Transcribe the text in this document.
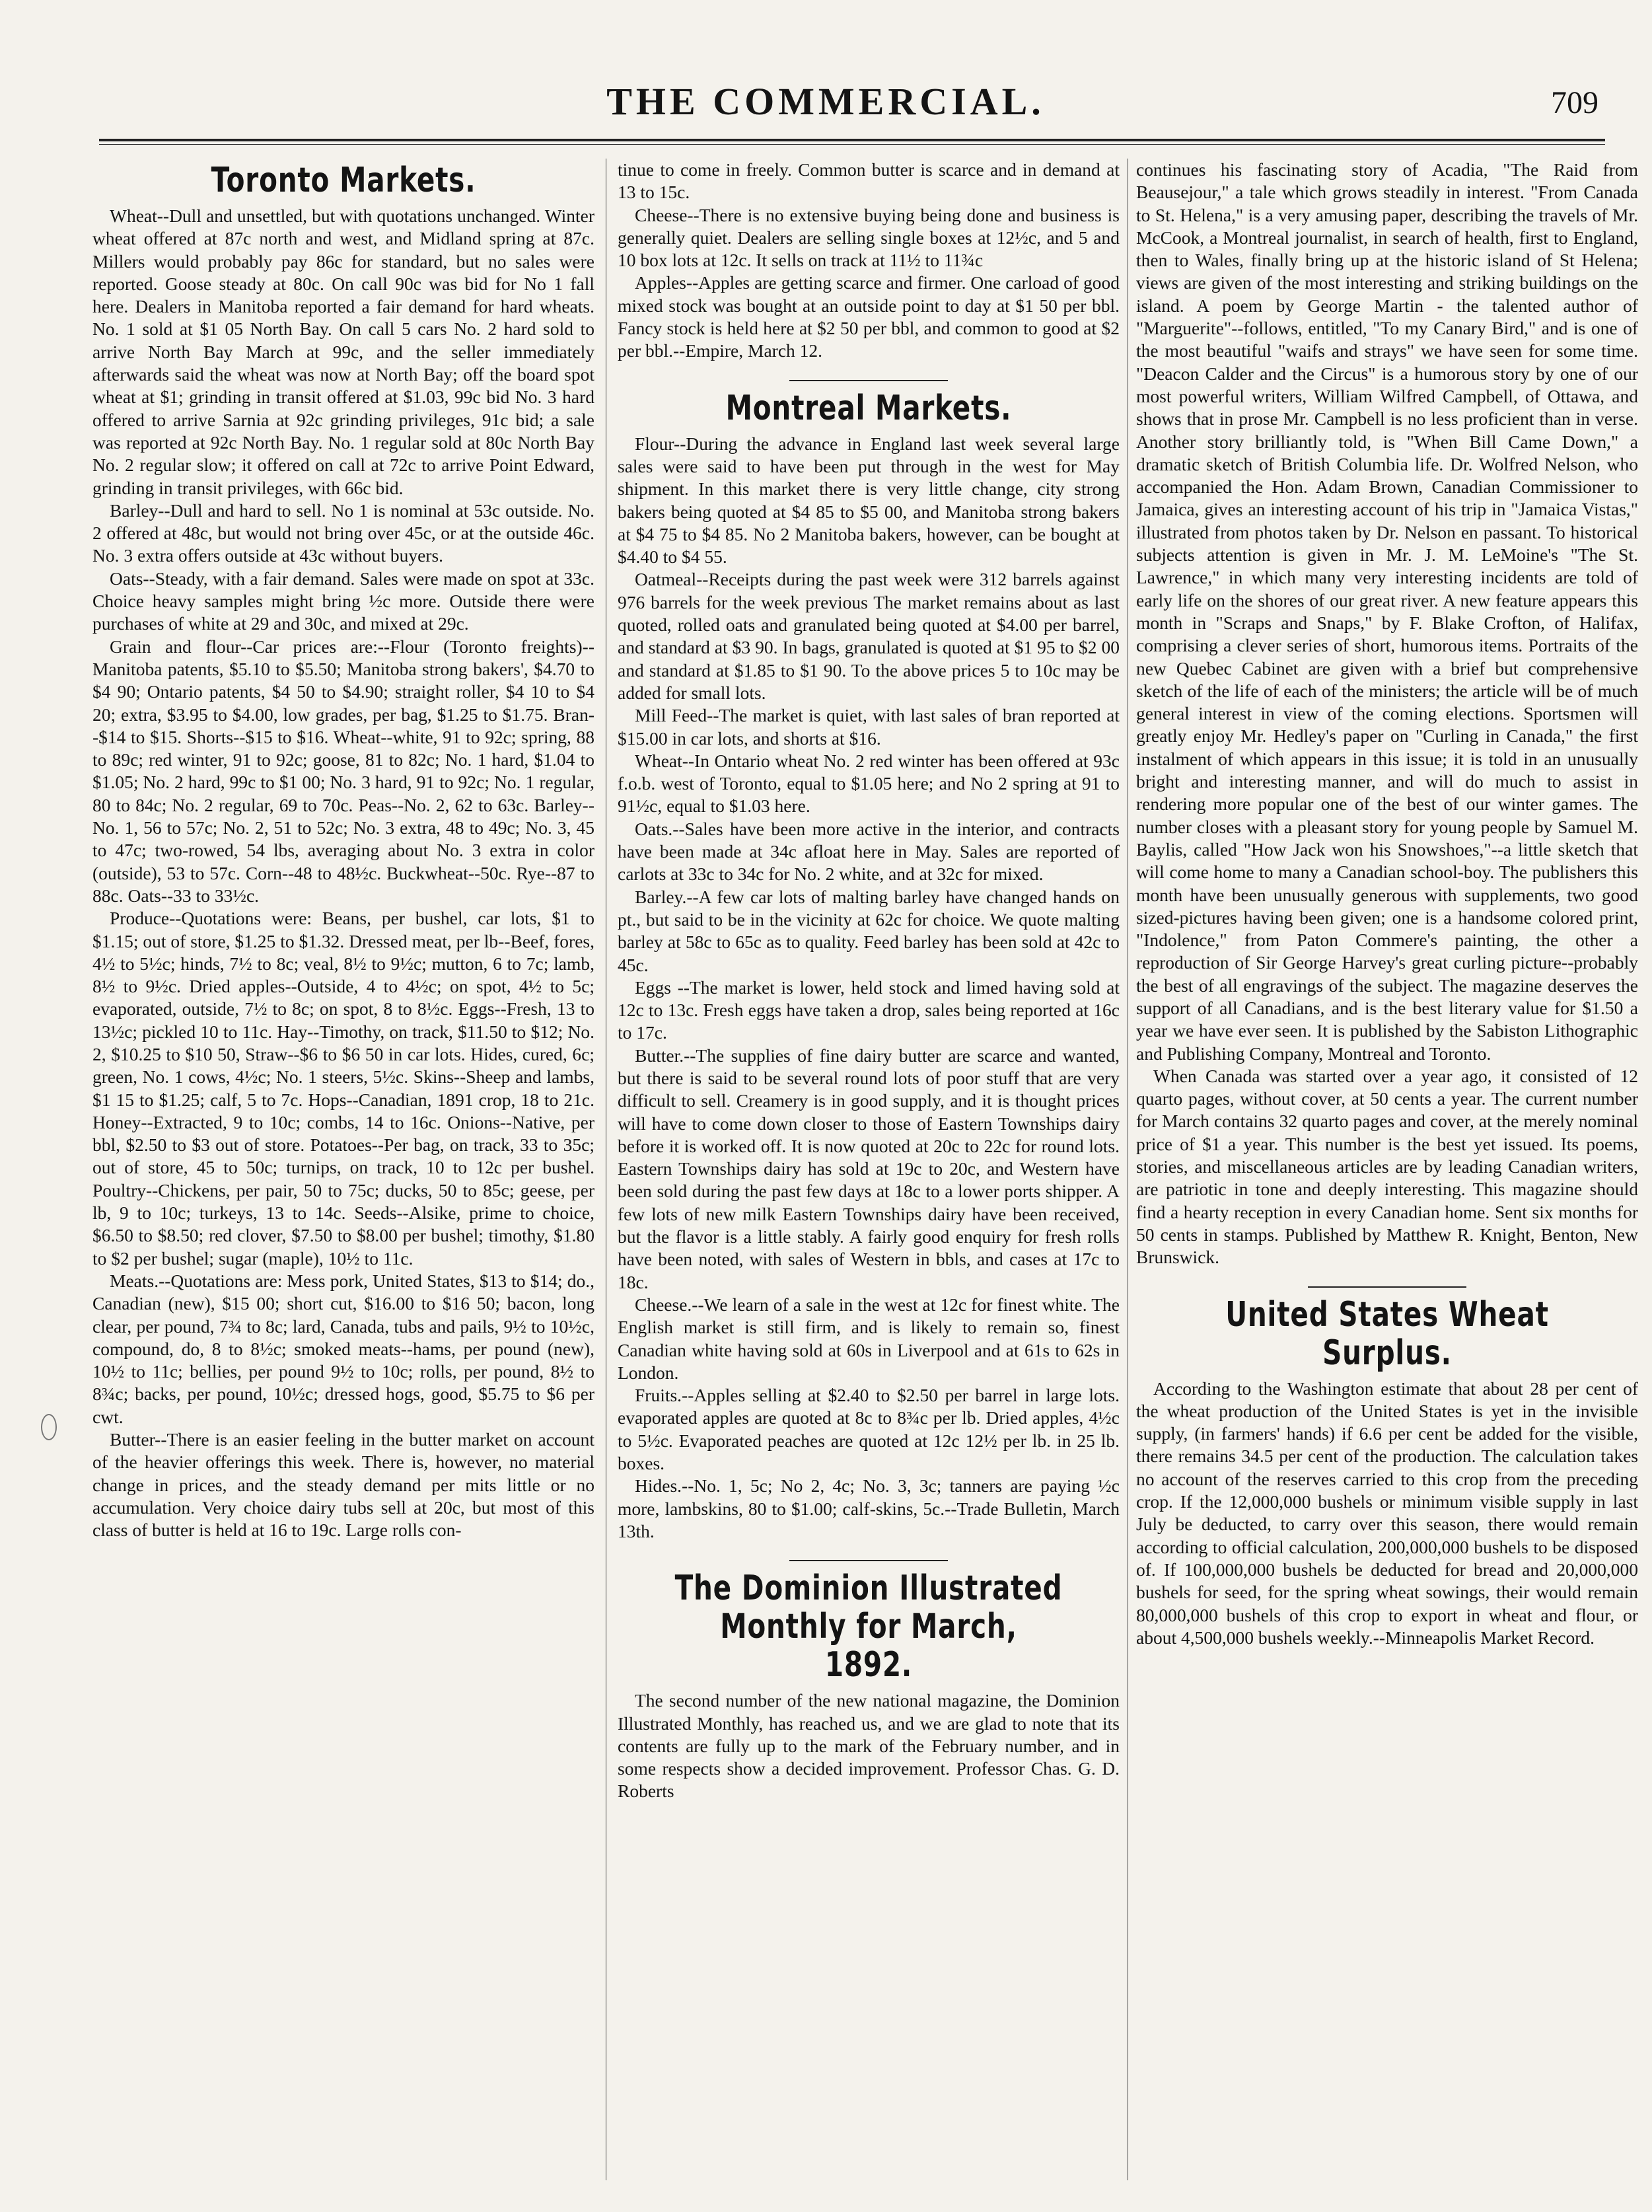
THE COMMERCIAL.	709
Toronto Markets.

Wheat--Dull and unsettled, but with quotations unchanged. Winter wheat offered at 87c north and west, and Midland spring at 87c. Millers would probably pay 86c for standard, but no sales were reported. Goose steady at 80c. On call 90c was bid for No 1 fall here. Dealers in Manitoba reported a fair demand for hard wheats. No. 1 sold at $1 05 North Bay. On call 5 cars No. 2 hard sold to arrive North Bay March at 99c, and the seller immediately afterwards said the wheat was now at North Bay; off the board spot wheat at $1; grinding in transit offered at $1.03, 99c bid No. 3 hard offered to arrive Sarnia at 92c grinding privileges, 91c bid; a sale was reported at 92c North Bay. No. 1 regular sold at 80c North Bay No. 2 regular slow; it offered on call at 72c to arrive Point Edward, grinding in transit privileges, with 66c bid.

Barley--Dull and hard to sell. No 1 is nominal at 53c outside. No. 2 offered at 48c, but would not bring over 45c, or at the outside 46c. No. 3 extra offers outside at 43c without buyers.

Oats--Steady, with a fair demand. Sales were made on spot at 33c. Choice heavy samples might bring ½c more. Outside there were purchases of white at 29 and 30c, and mixed at 29c.

Grain and flour--Car prices are:--Flour (Toronto freights)--Manitoba patents, $5.10 to $5.50; Manitoba strong bakers', $4.70 to $4 90; Ontario patents, $4 50 to $4.90; straight roller, $4 10 to $4 20; extra, $3.95 to $4.00, low grades, per bag, $1.25 to $1.75. Bran--$14 to $15. Shorts--$15 to $16. Wheat--white, 91 to 92c; spring, 88 to 89c; red winter, 91 to 92c; goose, 81 to 82c; No. 1 hard, $1.04 to $1.05; No. 2 hard, 99c to $1 00; No. 3 hard, 91 to 92c; No. 1 regular, 80 to 84c; No. 2 regular, 69 to 70c. Peas--No. 2, 62 to 63c. Barley--No. 1, 56 to 57c; No. 2, 51 to 52c; No. 3 extra, 48 to 49c; No. 3, 45 to 47c; two-rowed, 54 lbs, averaging about No. 3 extra in color (outside), 53 to 57c. Corn--48 to 48½c. Buckwheat--50c. Rye--87 to 88c. Oats--33 to 33½c.

Produce--Quotations were: Beans, per bushel, car lots, $1 to $1.15; out of store, $1.25 to $1.32. Dressed meat, per lb--Beef, fores, 4½ to 5½c; hinds, 7½ to 8c; veal, 8½ to 9½c; mutton, 6 to 7c; lamb, 8½ to 9½c. Dried apples--Outside, 4 to 4½c; on spot, 4½ to 5c; evaporated, outside, 7½ to 8c; on spot, 8 to 8½c. Eggs--Fresh, 13 to 13½c; pickled 10 to 11c. Hay--Timothy, on track, $11.50 to $12; No. 2, $10.25 to $10 50, Straw--$6 to $6 50 in car lots. Hides, cured, 6c; green, No. 1 cows, 4½c; No. 1 steers, 5½c. Skins--Sheep and lambs, $1 15 to $1.25; calf, 5 to 7c. Hops--Canadian, 1891 crop, 18 to 21c. Honey--Extracted, 9 to 10c; combs, 14 to 16c. Onions--Native, per bbl, $2.50 to $3 out of store. Potatoes--Per bag, on track, 33 to 35c; out of store, 45 to 50c; turnips, on track, 10 to 12c per bushel. Poultry--Chickens, per pair, 50 to 75c; ducks, 50 to 85c; geese, per lb, 9 to 10c; turkeys, 13 to 14c. Seeds--Alsike, prime to choice, $6.50 to $8.50; red clover, $7.50 to $8.00 per bushel; timothy, $1.80 to $2 per bushel; sugar (maple), 10½ to 11c.

Meats.--Quotations are: Mess pork, United States, $13 to $14; do., Canadian (new), $15 00; short cut, $16.00 to $16 50; bacon, long clear, per pound, 7¾ to 8c; lard, Canada, tubs and pails, 9½ to 10½c, compound, do, 8 to 8½c; smoked meats--hams, per pound (new), 10½ to 11c; bellies, per pound 9½ to 10c; rolls, per pound, 8½ to 8¾c; backs, per pound, 10½c; dressed hogs, good, $5.75 to $6 per cwt.

Butter--There is an easier feeling in the butter market on account of the heavier offerings this week. There is, however, no material change in prices, and the steady demand per mits little or no accumulation. Very choice dairy tubs sell at 20c, but most of this class of butter is held at 16 to 19c. Large rolls con-

tinue to come in freely. Common butter is scarce and in demand at 13 to 15c.

Cheese--There is no extensive buying being done and business is generally quiet. Dealers are selling single boxes at 12½c, and 5 and 10 box lots at 12c. It sells on track at 11½ to 11¾c

Apples--Apples are getting scarce and firmer. One carload of good mixed stock was bought at an outside point to day at $1 50 per bbl. Fancy stock is held here at $2 50 per bbl, and common to good at $2 per bbl.--Empire, March 12.

Montreal Markets.

Flour--During the advance in England last week several large sales were said to have been put through in the west for May shipment. In this market there is very little change, city strong bakers being quoted at $4 85 to $5 00, and Manitoba strong bakers at $4 75 to $4 85. No 2 Manitoba bakers, however, can be bought at $4.40 to $4 55.

Oatmeal--Receipts during the past week were 312 barrels against 976 barrels for the week previous The market remains about as last quoted, rolled oats and granulated being quoted at $4.00 per barrel, and standard at $3 90. In bags, granulated is quoted at $1 95 to $2 00 and standard at $1.85 to $1 90. To the above prices 5 to 10c may be added for small lots.

Mill Feed--The market is quiet, with last sales of bran reported at $15.00 in car lots, and shorts at $16.

Wheat--In Ontario wheat No. 2 red winter has been offered at 93c f.o.b. west of Toronto, equal to $1.05 here; and No 2 spring at 91 to 91½c, equal to $1.03 here.

Oats.--Sales have been more active in the interior, and contracts have been made at 34c afloat here in May. Sales are reported of carlots at 33c to 34c for No. 2 white, and at 32c for mixed.

Barley.--A few car lots of malting barley have changed hands on pt., but said to be in the vicinity at 62c for choice. We quote malting barley at 58c to 65c as to quality. Feed barley has been sold at 42c to 45c.

Eggs --The market is lower, held stock and limed having sold at 12c to 13c. Fresh eggs have taken a drop, sales being reported at 16c to 17c.

Butter.--The supplies of fine dairy butter are scarce and wanted, but there is said to be several round lots of poor stuff that are very difficult to sell. Creamery is in good supply, and it is thought prices will have to come down closer to those of Eastern Townships dairy before it is worked off. It is now quoted at 20c to 22c for round lots. Eastern Townships dairy has sold at 19c to 20c, and Western have been sold during the past few days at 18c to a lower ports shipper. A few lots of new milk Eastern Townships dairy have been received, but the flavor is a little stably. A fairly good enquiry for fresh rolls have been noted, with sales of Western in bbls, and cases at 17c to 18c.

Cheese.--We learn of a sale in the west at 12c for finest white. The English market is still firm, and is likely to remain so, finest Canadian white having sold at 60s in Liverpool and at 61s to 62s in London.

Fruits.--Apples selling at $2.40 to $2.50 per barrel in large lots. evaporated apples are quoted at 8c to 8¾c per lb. Dried apples, 4½c to 5½c. Evaporated peaches are quoted at 12c 12½ per lb. in 25 lb. boxes.

Hides.--No. 1, 5c; No 2, 4c; No. 3, 3c; tanners are paying ½c more, lambskins, 80 to $1.00; calf-skins, 5c.--Trade Bulletin, March 13th.

The Dominion Illustrated Monthly for March, 1892.

The second number of the new national magazine, the Dominion Illustrated Monthly, has reached us, and we are glad to note that its contents are fully up to the mark of the February number, and in some respects show a decided improvement. Professor Chas. G. D. Roberts

continues his fascinating story of Acadia, "The Raid from Beausejour," a tale which grows steadily in interest. "From Canada to St. Helena," is a very amusing paper, describing the travels of Mr. McCook, a Montreal journalist, in search of health, first to England, then to Wales, finally bring up at the historic island of St Helena; views are given of the most interesting and striking buildings on the island. A poem by George Martin - the talented author of "Marguerite"--follows, entitled, "To my Canary Bird," and is one of the most beautiful "waifs and strays" we have seen for some time. "Deacon Calder and the Circus" is a humorous story by one of our most powerful writers, William Wilfred Campbell, of Ottawa, and shows that in prose Mr. Campbell is no less proficient than in verse. Another story brilliantly told, is "When Bill Came Down," a dramatic sketch of British Columbia life. Dr. Wolfred Nelson, who accompanied the Hon. Adam Brown, Canadian Commissioner to Jamaica, gives an interesting account of his trip in "Jamaica Vistas," illustrated from photos taken by Dr. Nelson en passant. To historical subjects attention is given in Mr. J. M. LeMoine's "The St. Lawrence," in which many very interesting incidents are told of early life on the shores of our great river. A new feature appears this month in "Scraps and Snaps," by F. Blake Crofton, of Halifax, comprising a clever series of short, humorous items. Portraits of the new Quebec Cabinet are given with a brief but comprehensive sketch of the life of each of the ministers; the article will be of much general interest in view of the coming elections. Sportsmen will greatly enjoy Mr. Hedley's paper on "Curling in Canada," the first instalment of which appears in this issue; it is told in an unusually bright and interesting manner, and will do much to assist in rendering more popular one of the best of our winter games. The number closes with a pleasant story for young people by Samuel M. Baylis, called "How Jack won his Snowshoes,"--a little sketch that will come home to many a Canadian school-boy. The publishers this month have been unusually generous with supplements, two good sized-pictures having been given; one is a handsome colored print, "Indolence," from Paton Commere's painting, the other a reproduction of Sir George Harvey's great curling picture--probably the best of all engravings of the subject. The magazine deserves the support of all Canadians, and is the best literary value for $1.50 a year we have ever seen. It is published by the Sabiston Lithographic and Publishing Company, Montreal and Toronto.

When Canada was started over a year ago, it consisted of 12 quarto pages, without cover, at 50 cents a year. The current number for March contains 32 quarto pages and cover, at the merely nominal price of $1 a year. This number is the best yet issued. Its poems, stories, and miscellaneous articles are by leading Canadian writers, are patriotic in tone and deeply interesting. This magazine should find a hearty reception in every Canadian home. Sent six months for 50 cents in stamps. Published by Matthew R. Knight, Benton, New Brunswick.

United States Wheat Surplus.

According to the Washington estimate that about 28 per cent of the wheat production of the United States is yet in the invisible supply, (in farmers' hands) if 6.6 per cent be added for the visible, there remains 34.5 per cent of the production. The calculation takes no account of the reserves carried to this crop from the preceding crop. If the 12,000,000 bushels or minimum visible supply in last July be deducted, to carry over this season, there would remain according to official calculation, 200,000,000 bushels to be disposed of. If 100,000,000 bushels be deducted for bread and 20,000,000 bushels for seed, for the spring wheat sowings, their would remain 80,000,000 bushels of this crop to export in wheat and flour, or about 4,500,000 bushels weekly.--Minneapolis Market Record.
